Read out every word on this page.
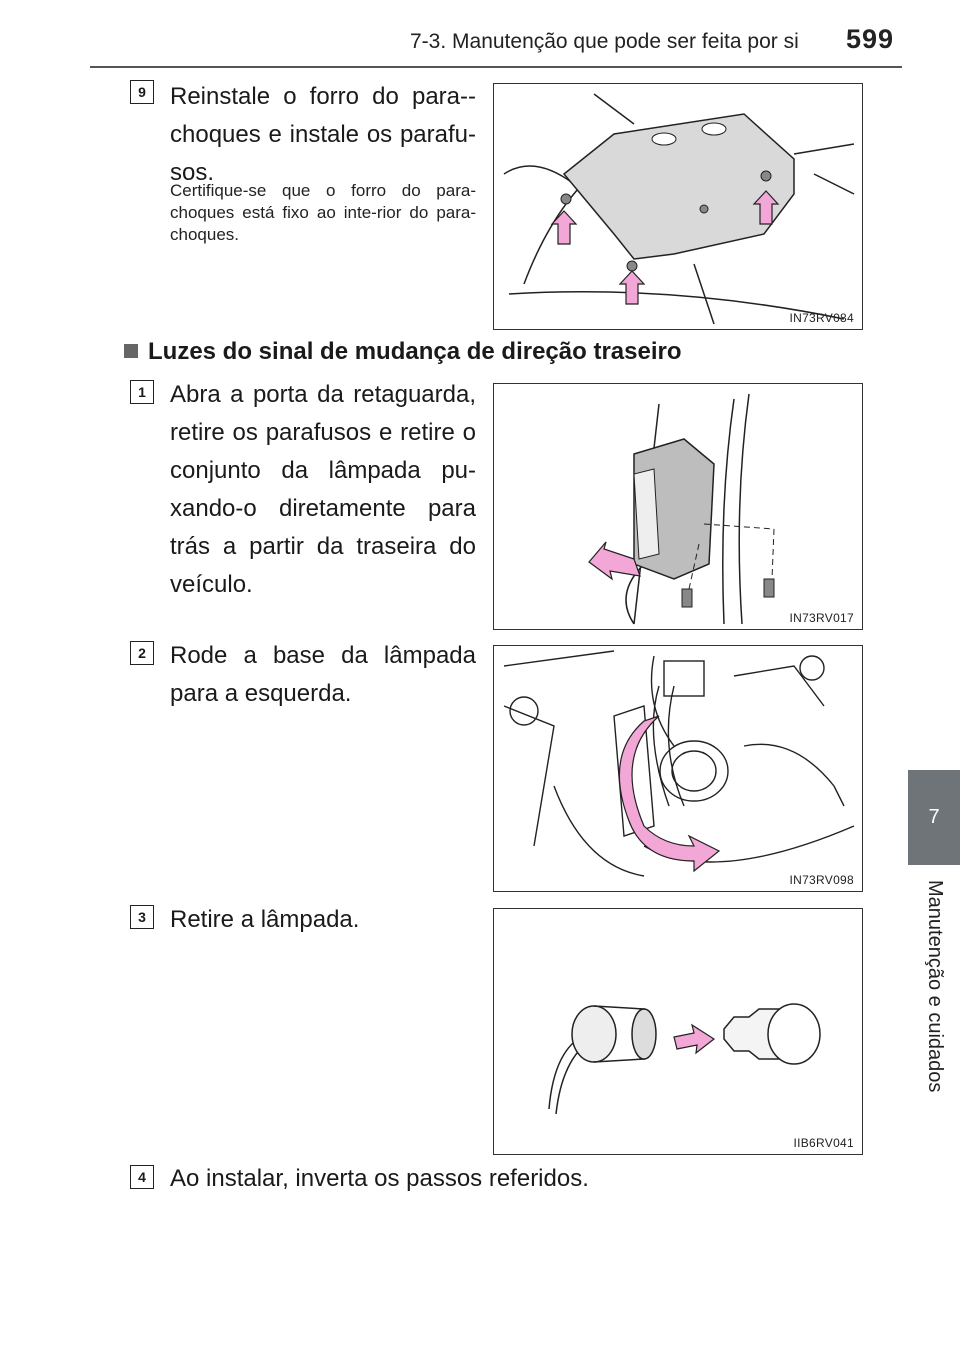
7-3. Manutenção que pode ser feita por si 599
7
Manutenção e cuidados
9	Reinstale o forro do para--choques e instale os parafu-sos.
Certifique-se que o forro do para-choques está fixo ao inte-rior do para-choques.
IN73RV084
Luzes do sinal de mudança de direção traseiro
1	Abra a porta da retaguarda, retire os parafusos e retire o conjunto da lâmpada pu-xando-o diretamente para trás a partir da traseira do veículo.
IN73RV017
2	Rode a base da lâmpada para a esquerda.
IN73RV098
3	Retire a lâmpada.
IIB6RV041
4	Ao instalar, inverta os passos referidos.
